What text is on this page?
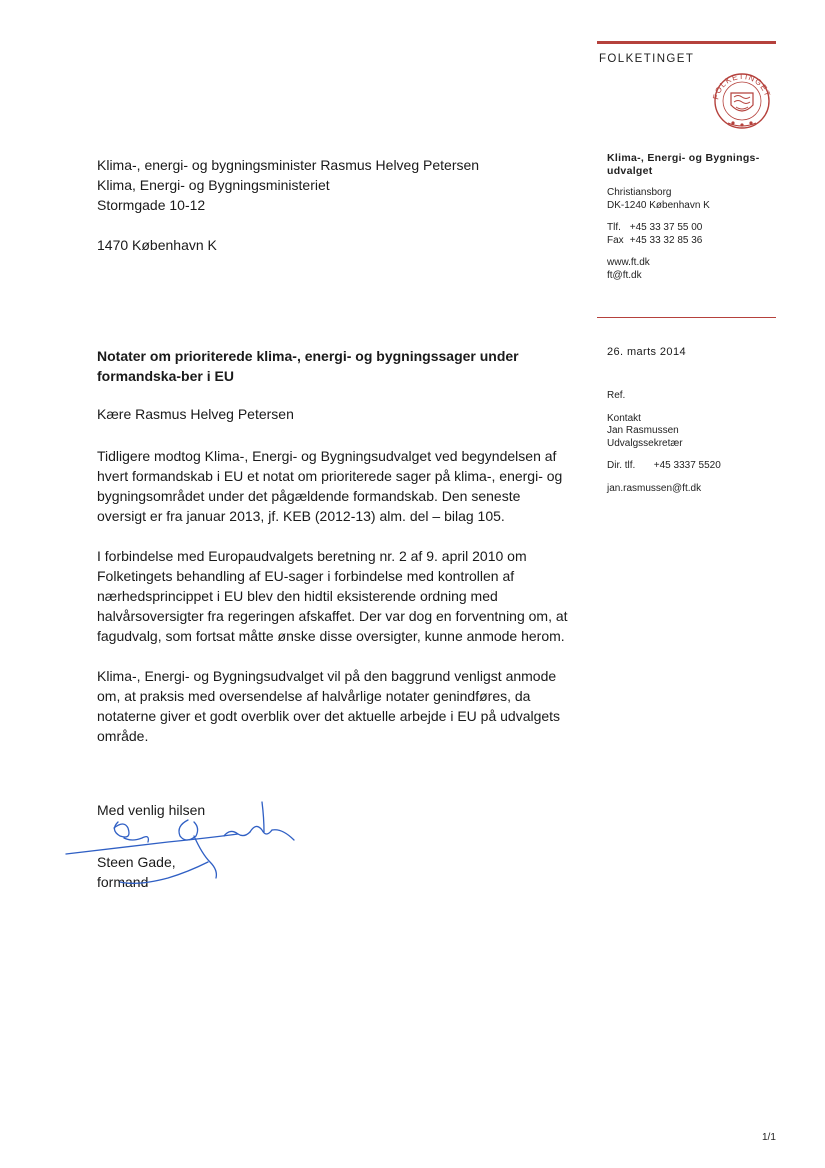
FOLKETINGET
FOLKETINGET
Klima-, energi- og bygningsminister Rasmus Helveg Petersen
Klima, Energi- og Bygningsministeriet
Stormgade 10-12
1470 København K
Klima-, Energi- og Bygnings-udvalget
Christiansborg
DK-1240 København K
Tlf. +45 33 37 55 00
Fax +45 33 32 85 36
www.ft.dk
ft@ft.dk
26. marts 2014
Ref.
Kontakt
Jan Rasmussen
Udvalgssekretær
Dir. tlf. +45 3337 5520
jan.rasmussen@ft.dk
Notater om prioriterede klima-, energi- og bygningssager under formandska-ber i EU

Kære Rasmus Helveg Petersen

Tidligere modtog Klima-, Energi- og Bygningsudvalget ved begyndelsen af hvert formandskab i EU et notat om prioriterede sager på klima-, energi- og bygningsområdet under det pågældende formandskab. Den seneste oversigt er fra januar 2013, jf. KEB (2012-13) alm. del – bilag 105.

I forbindelse med Europaudvalgets beretning nr. 2 af 9. april 2010 om Folketingets behandling af EU-sager i forbindelse med kontrollen af nærhedsprincippet i EU blev den hidtil eksisterende ordning med halvårsoversigter fra regeringen afskaffet. Der var dog en forventning om, at fagudvalg, som fortsat måtte ønske disse oversigter, kunne anmode herom.

Klima-, Energi- og Bygningsudvalget vil på den baggrund venligst anmode om, at praksis med oversendelse af halvårlige notater genindføres, da notaterne giver et godt overblik over det aktuelle arbejde i EU på udvalgets område.

Med venlig hilsen
Steen Gade,
formand
1/1
